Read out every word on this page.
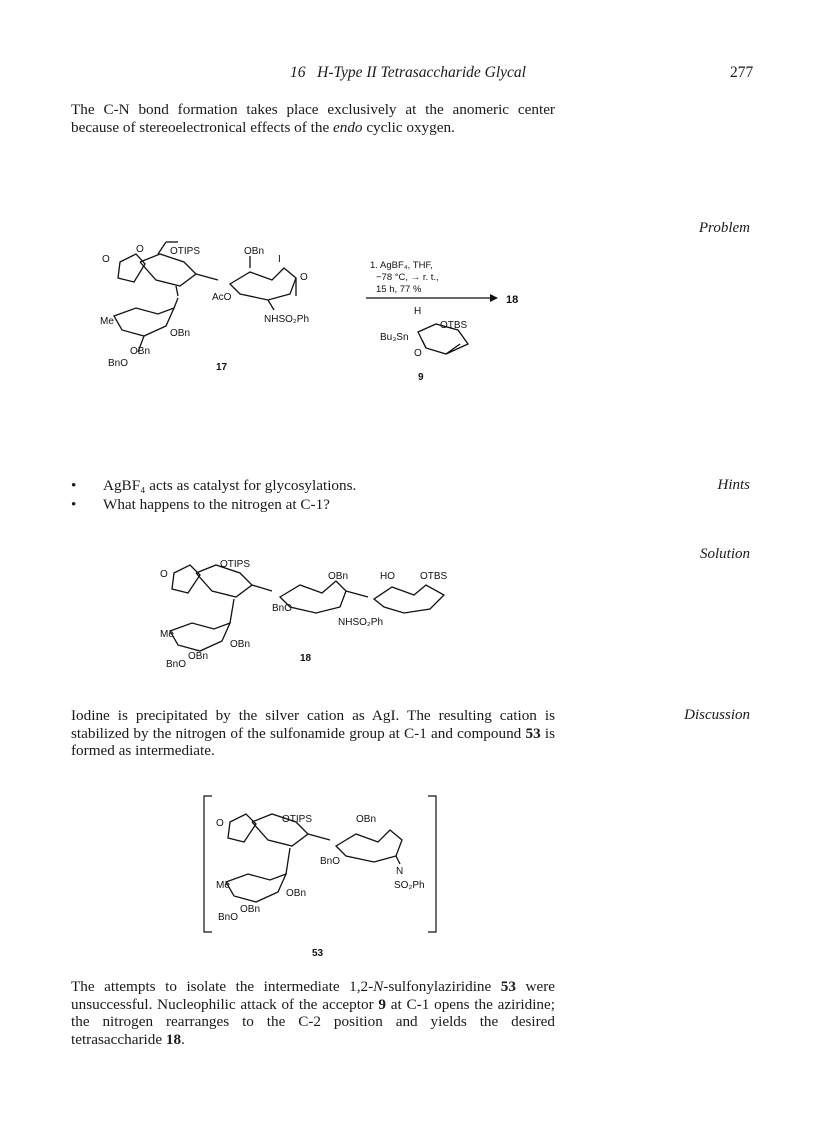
16 H-Type II Tetrasaccharide Glycal	277

The C-N bond formation takes place exclusively at the anomeric center because of stereoelectronical effects of the endo cyclic oxygen.

Problem
Hints
Solution
Discussion
O
O	OTIPS	OBn
O
I
AcO
NHSO₂Ph
Me
OBn
BnO
OBn
17
1. AgBF₄, THF,
−78 °C, → r. t.,
15 h, 77 %
18
H
OTBS
Bu₃Sn
O
9
• AgBF₄ acts as catalyst for glycosylations.
• What happens to the nitrogen at C-1?
O
OTIPS
OBn	HO	OTBS
BnO
NHSO₂Ph
Me
OBn
BnO
OBn	18

Iodine is precipitated by the silver cation as AgI. The resulting cation is stabilized by the nitrogen of the sulfonamide group at C-1 and compound 53 is formed as intermediate.

O	OTIPS	OBn
BnO
N
SO₂Ph
Me
OBn
BnO
OBn
53

The attempts to isolate the intermediate 1,2-N-sulfonylaziridine 53 were unsuccessful. Nucleophilic attack of the acceptor 9 at C-1 opens the aziridine; the nitrogen rearranges to the C-2 position and yields the desired tetrasaccharide 18.
